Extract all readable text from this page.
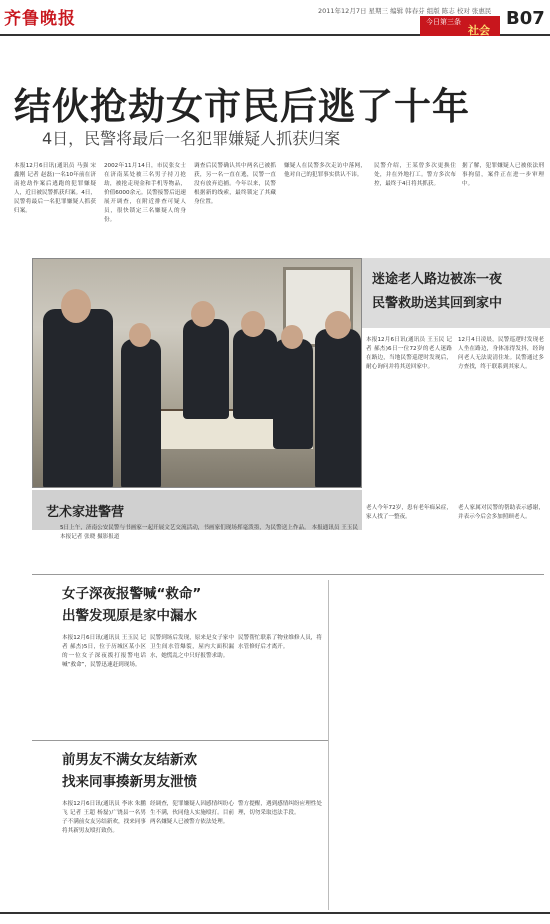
齐鲁晚报	2011年12月7日 星期三 编辑 韩春芬 组版 陈志 校对 张惠民
今日第三条
社会
B07
结伙抢劫女市民后逃了十年
4日，民警将最后一名犯罪嫌疑人抓获归案
本报12月6日讯(通讯员 马强 宋鑫刚 记者 赵磊)一名10年前在济南抢劫作案后逃跑的犯罪嫌疑人，近日被民警抓获归案。4日，民警将最后一名犯罪嫌疑人抓获归案。
2002年11月14日，市民张女士在济南某处被三名男子持刀抢劫，被抢走现金和手机等物品，价值6000余元。民警接警后迅速展开调查，在附近排查可疑人员，很快锁定三名嫌疑人的身份。
调查后民警确认其中两名已被抓获，另一名一直在逃，民警一直没有放弃追捕。今年以来，民警根据新的线索，最终锁定了其藏身位置。
嫌疑人在民警多次走访中落网，他对自己的犯罪事实供认不讳。
民警介绍，王某曾多次更换住处，并在外地打工。警方多次布控，最终于4日将其抓获。
据了解，犯罪嫌疑人已被依法刑事拘留，案件正在进一步审理中。
迷途老人路边被冻一夜
民警救助送其回到家中
本报12月6日讯(通讯员 王玉民 记者 郝杰)6日一位72岁的老人迷路在路边，当地民警巡逻时发现后，耐心询问并将其送回家中。
12月4日凌晨，民警巡逻时发现老人坐在路边，身体冻得发抖，经询问老人无法说清住址。民警通过多方查找，终于联系到其家人。
老人今年72岁，患有老年痴呆症，家人找了一整夜。
老人家属对民警的帮助表示感谢，并表示今后会多加照顾老人。
艺术家进警营
5日上午，济南公安民警与书画家一起开展文艺交流活动，书画家们现场挥毫泼墨，为民警送上作品。 本报通讯员 王玉民 本报记者 张晓 摄影报道
女子深夜报警喊“救命”
出警发现原是家中漏水
本报12月6日讯(通讯员 王玉民 记者 郝杰)5日，位于历城区某小区的一位女子深夜拨打报警电话喊“救命”，民警迅速赶到现场。
民警到场后发现，原来是女子家中卫生间水管爆裂，屋内大面积漏水，她慌乱之中只好报警求助。
民警帮忙联系了物业维修人员，将水管修好后才离开。
前男友不满女友结新欢
找来同事揍新男友泄愤
本报12月6日讯(通讯员 李冰 朱鹏飞 记者 王超 杨磊)广饶县一名男子不满前女友另结新欢，找来同事将其新男友殴打致伤。
经调查，犯罪嫌疑人因感情纠纷心生不满，伙同他人实施殴打。目前两名嫌疑人已被警方依法处理。
警方提醒，遇到感情纠纷应理性处理，切勿采取违法手段。
